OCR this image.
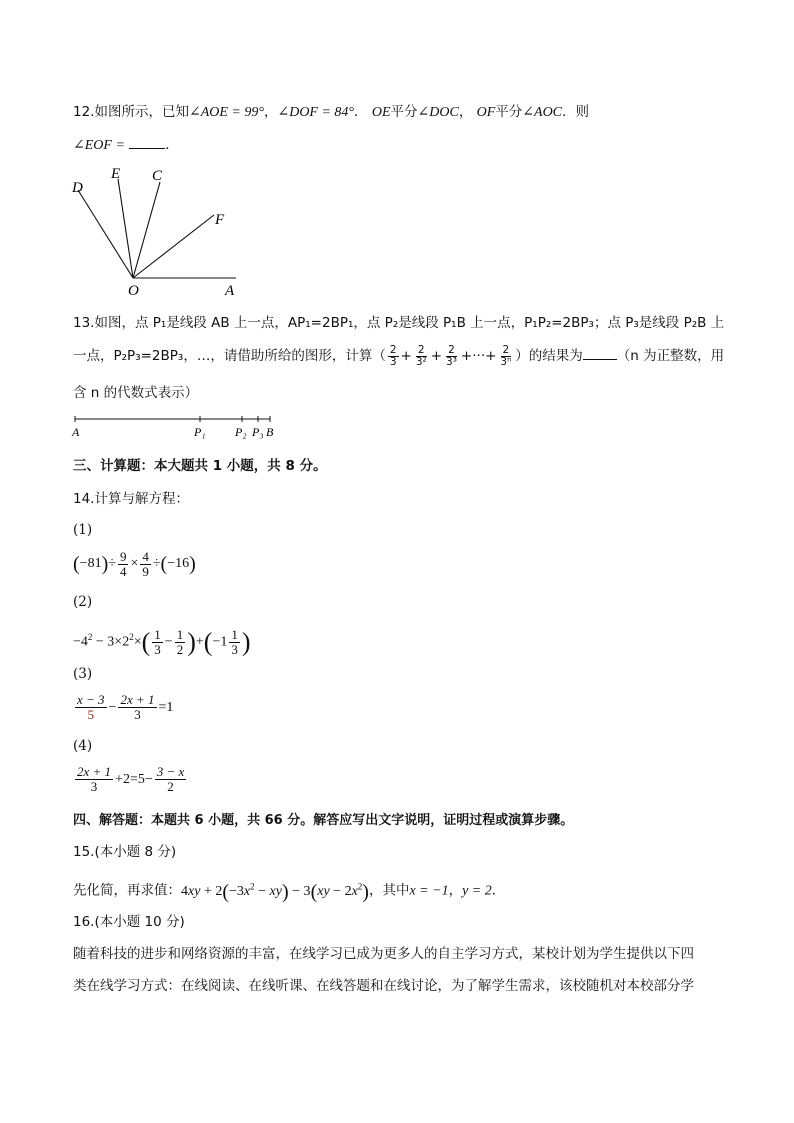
12.如图所示，已知∠AOE = 99°，∠DOF = 84°． OE平分∠DOC， OF平分∠AOC．则
∠EOF =	．
D
E C
F
O	A
13.如图，点 P₁是线段 AB 上一点，AP₁=2BP₁，点 P₂是线段 P₁B 上一点，P₁P₂=2BP₃；点 P₃是线段 P₂B 上
一点，P₂P₃=2BP₃，…，请借助所给的图形，计算（ $\frac{2}{3} + \frac{2}{\text{3²}} + \frac{2}{\text{3³}}$ +···+ $\frac{2}{\text{3ⁿ}}$ ）的结果为	（n 为正整数，用
含 n 的代数式表示）
A	P₁ P₂ P₃ B
三、计算题：本大题共 1 小题，共 8 分。
14.计算与解方程：
(1)
$(-81)\div \frac{9}{4} \times \frac{4}{9} \div(-16)$
(2)
$-4^2 - 3\times 2^2\times( \frac{1}{3} - \frac{1}{2} )+(-1 \frac{1}{3}$ )
(3)
$\frac{x - 3}{5} - \frac{2x + 1}{3} =1$
(4)
$\frac{2x + 1}{3} +2=5- \frac{3 - x}{2}$
四、解答题：本题共 6 小题，共 66 分。解答应写出文字说明，证明过程或演算步骤。
15.(本小题 8 分)
先化简，再求值：$4xy + 2(-3x^2 - xy) - 3(xy - 2x^2)$，其中x = −1，y = 2．
16.(本小题 10 分)
随着科技的进步和网络资源的丰富，在线学习已成为更多人的自主学习方式，某校计划为学生提供以下四
类在线学习方式：在线阅读、在线听课、在线答题和在线讨论，为了解学生需求，该校随机对本校部分学
